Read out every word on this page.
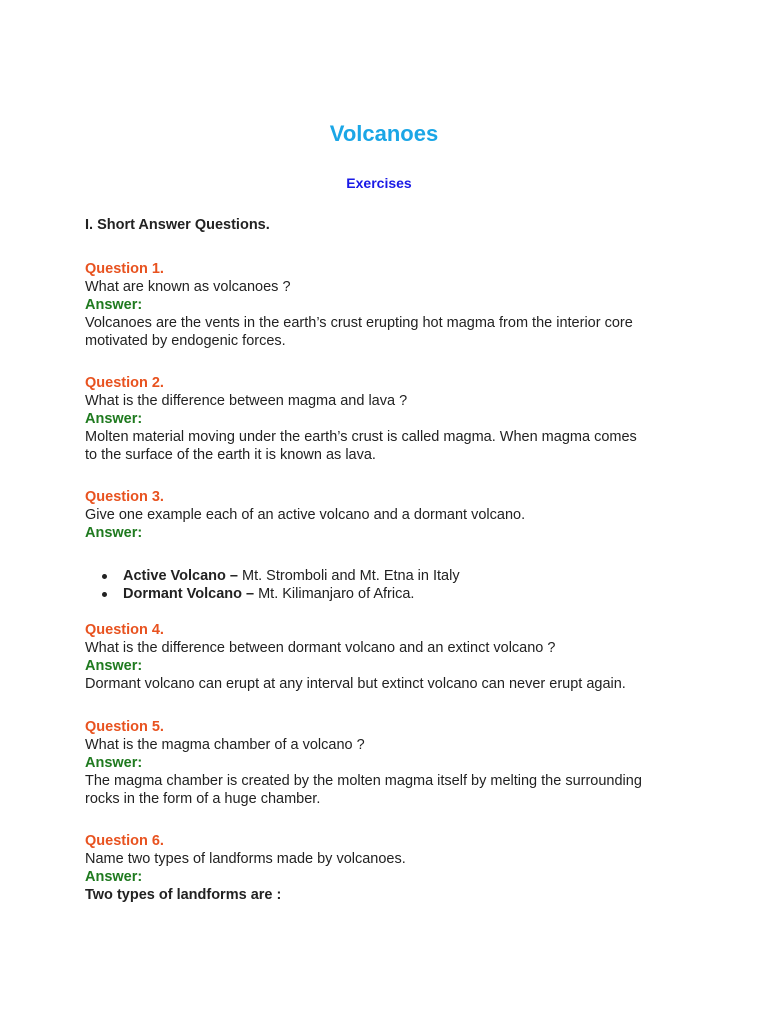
Volcanoes
Exercises
I. Short Answer Questions.
Question 1.
What are known as volcanoes ?
Answer:
Volcanoes are the vents in the earth’s crust erupting hot magma from the interior core
motivated by endogenic forces.
Question 2.
What is the difference between magma and lava ?
Answer:
Molten material moving under the earth’s crust is called magma. When magma comes
to the surface of the earth it is known as lava.
Question 3.
Give one example each of an active volcano and a dormant volcano.
Answer:
Active Volcano – Mt. Stromboli and Mt. Etna in Italy
Dormant Volcano – Mt. Kilimanjaro of Africa.
Question 4.
What is the difference between dormant volcano and an extinct volcano ?
Answer:
Dormant volcano can erupt at any interval but extinct volcano can never erupt again.
Question 5.
What is the magma chamber of a volcano ?
Answer:
The magma chamber is created by the molten magma itself by melting the surrounding
rocks in the form of a huge chamber.
Question 6.
Name two types of landforms made by volcanoes.
Answer:
Two types of landforms are :
